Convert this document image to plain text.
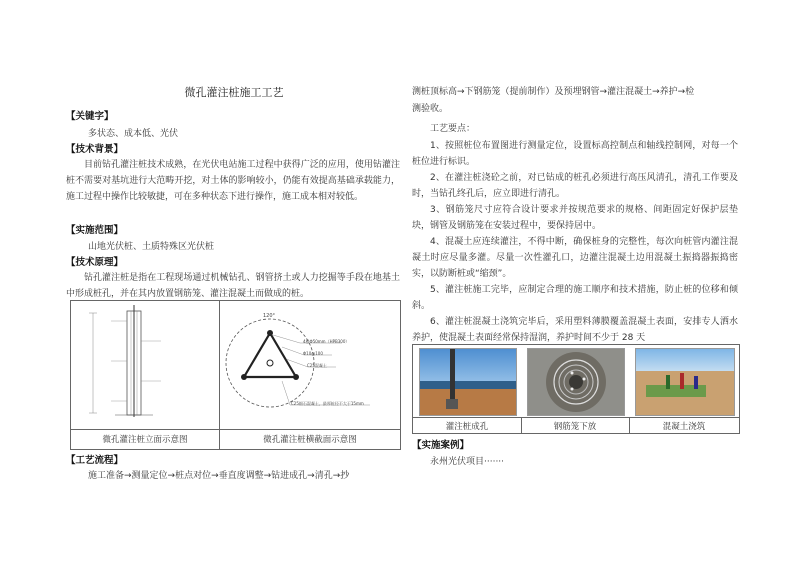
微孔灌注桩施工工艺
【关键字】
多状态、成本低、光伏
【技术背景】
目前钻孔灌注桩技术成熟，在光伏电站施工过程中获得广泛的应用，使用钻灌注桩不需要对基坑进行大范畴开挖，对土体的影响较小，仍能有效提高基础承载能力，施工过程中操作比较敏捷，可在多种状态下进行操作，施工成本相对较低。
【实施范围】
山地光伏桩、土质特殊区光伏桩
【技术原理】
钻孔灌注桩是指在工程现场通过机械钻孔、钢管挤土或人力挖掘等手段在地基土中形成桩孔，并在其内放置钢筋笼、灌注混凝土而做成的桩。
120°
4根Φ50mm（HPB300）
Φ10@100
C25混凝土
C25细石混凝土，最厚桩径不大于15mm
微孔灌注桩立面示意图	微孔灌注桩横截面示意图
【工艺流程】
施工准备→测量定位→桩点对位→垂直度调整→钻进成孔→清孔→抄
测桩顶标高→下钢筋笼（提前制作）及预埋钢管→灌注混凝土→养护→检
测验收。
工艺要点：
1、按照桩位布置图进行测量定位，设置标高控制点和轴线控制网，对每一个桩位进行标识。
2、在灌注桩浇砼之前，对已钻成的桩孔必须进行高压风清孔，清孔工作要及时，当钻孔终孔后，应立即进行清孔。
3、钢筋笼尺寸应符合设计要求并按规范要求的规格、间距固定好保护层垫块，钢管及钢筋笼在安装过程中，要保持居中。
4、混凝土应连续灌注，不得中断，确保桩身的完整性，每次向桩管内灌注混凝土时应尽量多灌。尽量一次性灌孔口，边灌注混凝土边用混凝土振捣器振捣密实，以防断桩或“缩颈”。
5、灌注桩施工完毕，应制定合理的施工顺序和技术措施，防止桩的位移和倾斜。
6、灌注桩混凝土浇筑完毕后，采用塑料薄膜覆盖混凝土表面，安排专人洒水养护，使混凝土表面经常保持湿润，养护时间不少于 28 天
灌注桩成孔	钢筋笼下放	混凝土浇筑
【实施案例】
永州光伏项目·······
